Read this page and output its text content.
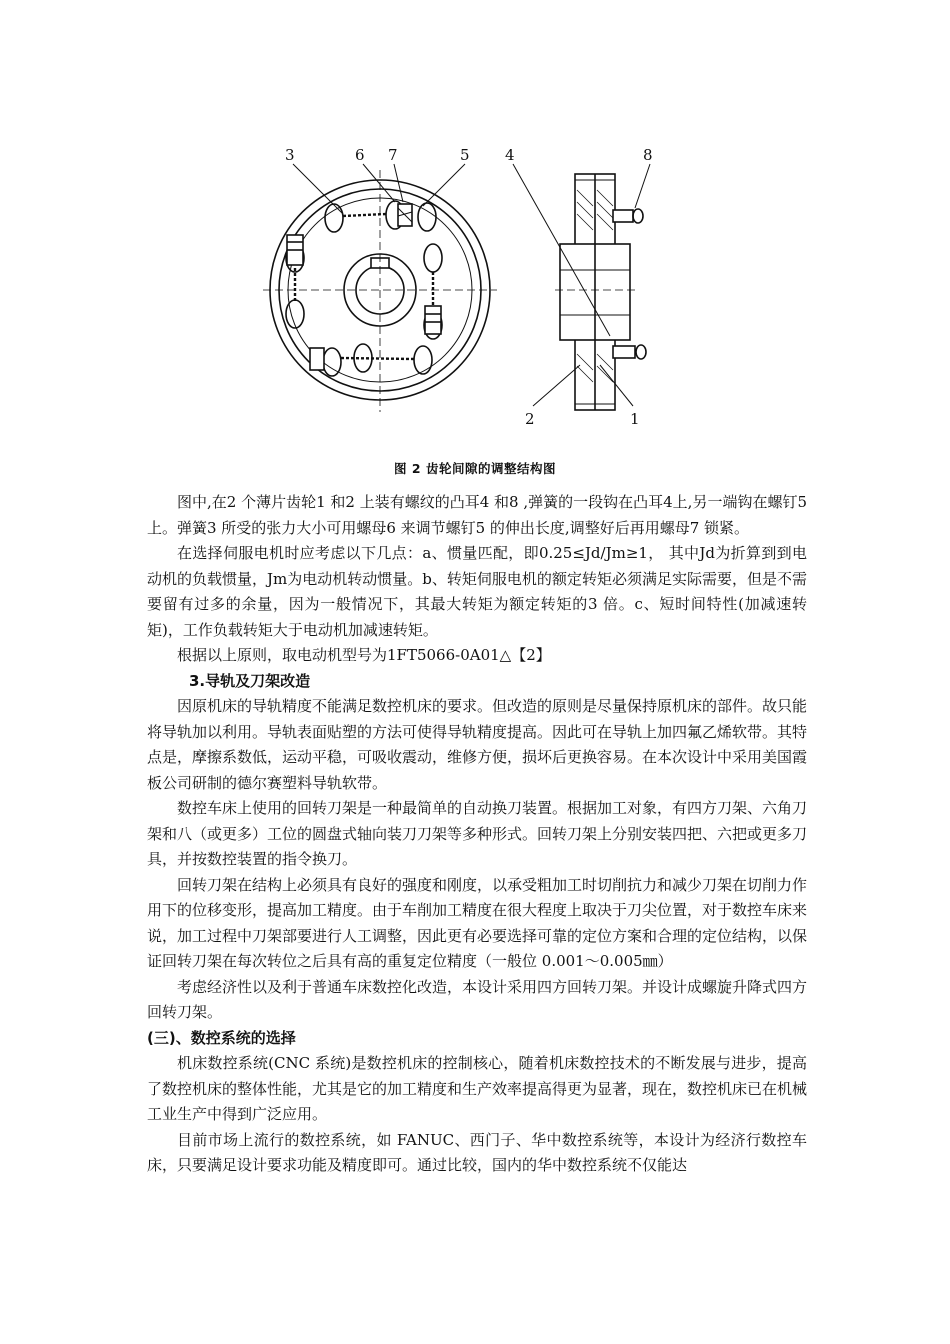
3	6 7	5 4	8
2	1
图 2 齿轮间隙的调整结构图

图中,在2 个薄片齿轮1 和2 上装有螺纹的凸耳4 和8 ,弹簧的一段钩在凸耳4上,另一端钩在螺钉5 上。弹簧3 所受的张力大小可用螺母6 来调节螺钉5 的伸出长度,调整好后再用螺母7 锁紧。

在选择伺服电机时应考虑以下几点：a、惯量匹配，即0.25≤Jd/Jm≥1， 其中Jd为折算到到电动机的负载惯量，Jm为电动机转动惯量。b、转矩伺服电机的额定转矩必须满足实际需要，但是不需要留有过多的余量，因为一般情况下，其最大转矩为额定转矩的3 倍。c、短时间特性(加减速转矩)，工作负载转矩大于电动机加减速转矩。

根据以上原则，取电动机型号为1FT5066-0A01△【2】

3.导轨及刀架改造

因原机床的导轨精度不能满足数控机床的要求。但改造的原则是尽量保持原机床的部件。故只能将导轨加以利用。导轨表面贴塑的方法可使得导轨精度提高。因此可在导轨上加四氟乙烯软带。其特点是，摩擦系数低，运动平稳，可吸收震动，维修方便，损坏后更换容易。在本次设计中采用美国霞板公司研制的德尔赛塑料导轨软带。

数控车床上使用的回转刀架是一种最简单的自动换刀装置。根据加工对象，有四方刀架、六角刀架和八（或更多）工位的圆盘式轴向装刀刀架等多种形式。回转刀架上分别安装四把、六把或更多刀具，并按数控装置的指令换刀。

回转刀架在结构上必须具有良好的强度和刚度，以承受粗加工时切削抗力和减少刀架在切削力作用下的位移变形，提高加工精度。由于车削加工精度在很大程度上取决于刀尖位置，对于数控车床来说，加工过程中刀架部要进行人工调整，因此更有必要选择可靠的定位方案和合理的定位结构，以保证回转刀架在每次转位之后具有高的重复定位精度（一般位 0.001～0.005㎜）

考虑经济性以及利于普通车床数控化改造，本设计采用四方回转刀架。并设计成螺旋升降式四方回转刀架。

(三)、数控系统的选择

机床数控系统(CNC 系统)是数控机床的控制核心，随着机床数控技术的不断发展与进步，提高了数控机床的整体性能，尤其是它的加工精度和生产效率提高得更为显著，现在，数控机床已在机械工业生产中得到广泛应用。

目前市场上流行的数控系统，如 FANUC、西门子、华中数控系统等，本设计为经济行数控车床，只要满足设计要求功能及精度即可。通过比较，国内的华中数控系统不仅能达
